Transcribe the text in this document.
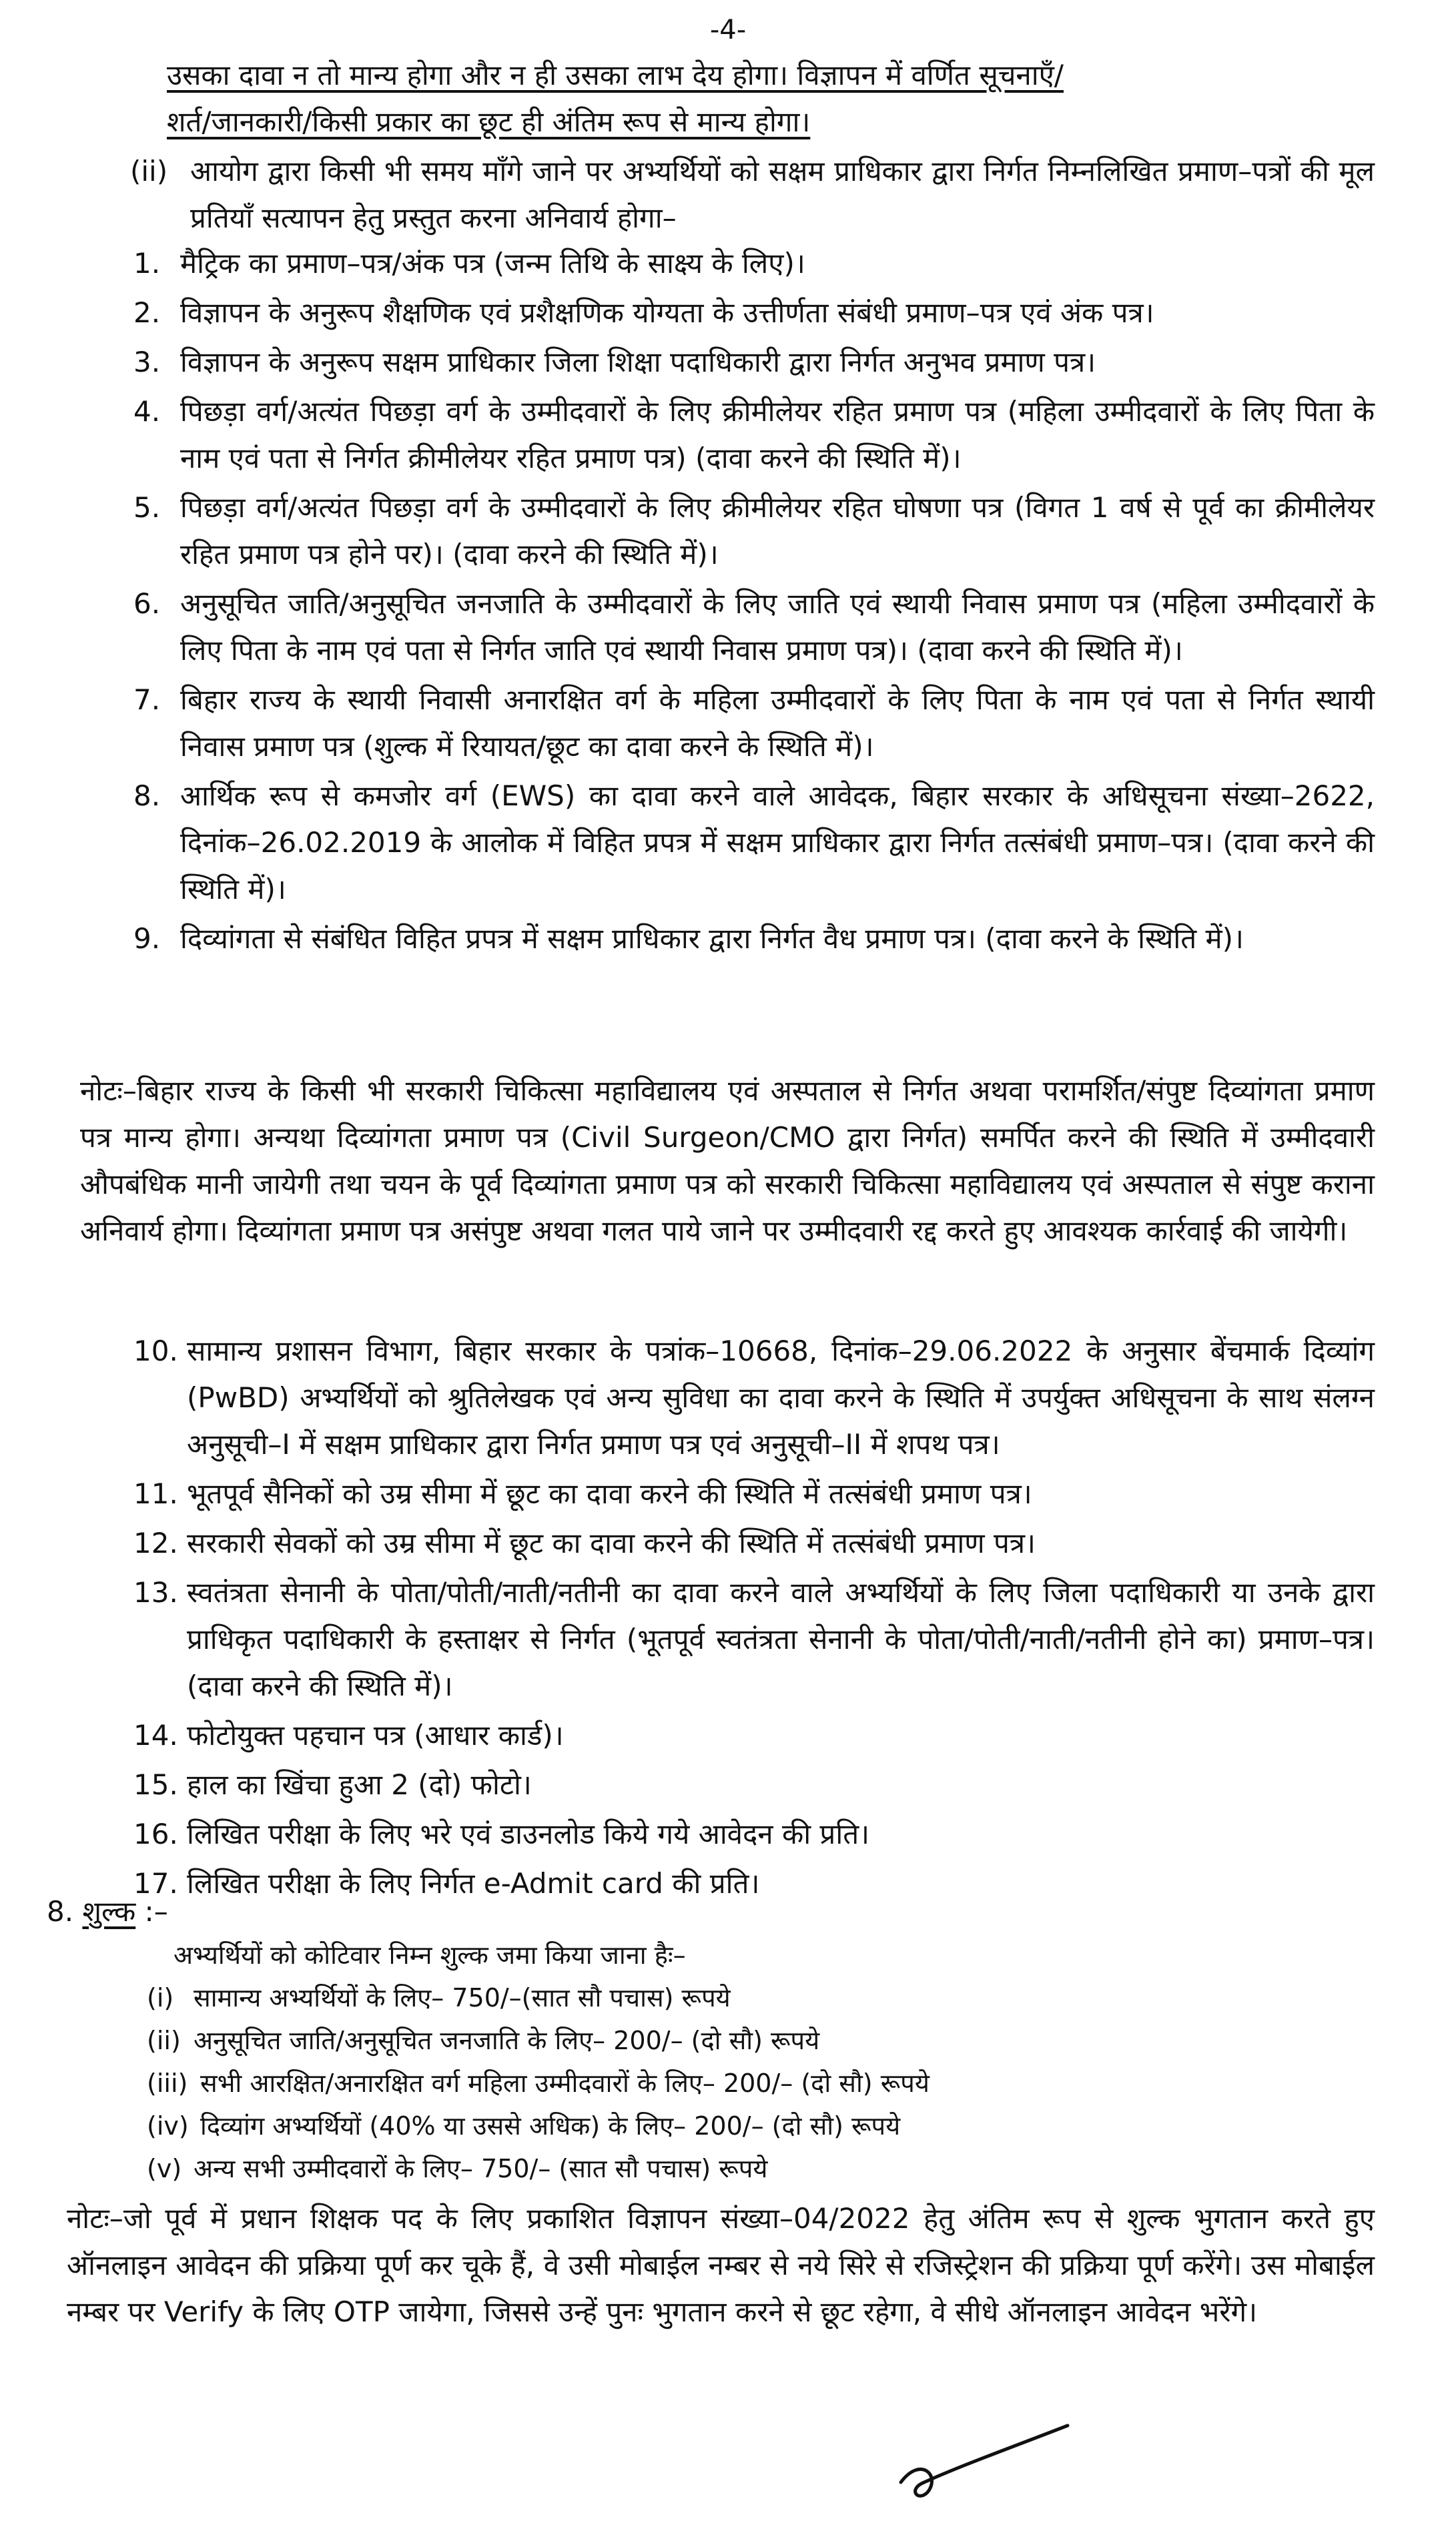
-4-

उसका दावा न तो मान्य होगा और न ही उसका लाभ देय होगा। विज्ञापन में वर्णित सूचनाएँ/

शर्त/जानकारी/किसी प्रकार का छूट ही अंतिम रूप से मान्य होगा।

(ii) आयोग द्वारा किसी भी समय माँगे जाने पर अभ्यर्थियों को सक्षम प्राधिकार द्वारा निर्गत निम्नलिखित प्रमाण–पत्रों की मूल प्रतियाँ सत्यापन हेतु प्रस्तुत करना अनिवार्य होगा–
1. मैट्रिक का प्रमाण–पत्र/अंक पत्र (जन्म तिथि के साक्ष्य के लिए)।
2. विज्ञापन के अनुरूप शैक्षणिक एवं प्रशैक्षणिक योग्यता के उत्तीर्णता संबंधी प्रमाण–पत्र एवं अंक पत्र।
3. विज्ञापन के अनुरूप सक्षम प्राधिकार जिला शिक्षा पदाधिकारी द्वारा निर्गत अनुभव प्रमाण पत्र।
4. पिछड़ा वर्ग/अत्यंत पिछड़ा वर्ग के उम्मीदवारों के लिए क्रीमीलेयर रहित प्रमाण पत्र (महिला उम्मीदवारों के लिए पिता के नाम एवं पता से निर्गत क्रीमीलेयर रहित प्रमाण पत्र) (दावा करने की स्थिति में)।
5. पिछड़ा वर्ग/अत्यंत पिछड़ा वर्ग के उम्मीदवारों के लिए क्रीमीलेयर रहित घोषणा पत्र (विगत 1 वर्ष से पूर्व का क्रीमीलेयर रहित प्रमाण पत्र होने पर)। (दावा करने की स्थिति में)।
6. अनुसूचित जाति/अनुसूचित जनजाति के उम्मीदवारों के लिए जाति एवं स्थायी निवास प्रमाण पत्र (महिला उम्मीदवारों के लिए पिता के नाम एवं पता से निर्गत जाति एवं स्थायी निवास प्रमाण पत्र)। (दावा करने की स्थिति में)।
7. बिहार राज्य के स्थायी निवासी अनारक्षित वर्ग के महिला उम्मीदवारों के लिए पिता के नाम एवं पता से निर्गत स्थायी निवास प्रमाण पत्र (शुल्क में रियायत/छूट का दावा करने के स्थिति में)।
8. आर्थिक रूप से कमजोर वर्ग (EWS) का दावा करने वाले आवेदक, बिहार सरकार के अधिसूचना संख्या–2622, दिनांक–26.02.2019 के आलोक में विहित प्रपत्र में सक्षम प्राधिकार द्वारा निर्गत तत्संबंधी प्रमाण–पत्र। (दावा करने की स्थिति में)।
9. दिव्यांगता से संबंधित विहित प्रपत्र में सक्षम प्राधिकार द्वारा निर्गत वैध प्रमाण पत्र। (दावा करने के स्थिति में)।

नोटः–बिहार राज्य के किसी भी सरकारी चिकित्सा महाविद्यालय एवं अस्पताल से निर्गत अथवा परामर्शित/संपुष्ट दिव्यांगता प्रमाण पत्र मान्य होगा। अन्यथा दिव्यांगता प्रमाण पत्र (Civil Surgeon/CMO द्वारा निर्गत) समर्पित करने की स्थिति में उम्मीदवारी औपबंधिक मानी जायेगी तथा चयन के पूर्व दिव्यांगता प्रमाण पत्र को सरकारी चिकित्सा महाविद्यालय एवं अस्पताल से संपुष्ट कराना अनिवार्य होगा। दिव्यांगता प्रमाण पत्र असंपुष्ट अथवा गलत पाये जाने पर उम्मीदवारी रद्द करते हुए आवश्यक कार्रवाई की जायेगी।

10. सामान्य प्रशासन विभाग, बिहार सरकार के पत्रांक–10668, दिनांक–29.06.2022 के अनुसार बेंचमार्क दिव्यांग (PwBD) अभ्यर्थियों को श्रुतिलेखक एवं अन्य सुविधा का दावा करने के स्थिति में उपर्युक्त अधिसूचना के साथ संलग्न अनुसूची–I में सक्षम प्राधिकार द्वारा निर्गत प्रमाण पत्र एवं अनुसूची–II में शपथ पत्र।
11. भूतपूर्व सैनिकों को उम्र सीमा में छूट का दावा करने की स्थिति में तत्संबंधी प्रमाण पत्र।
12. सरकारी सेवकों को उम्र सीमा में छूट का दावा करने की स्थिति में तत्संबंधी प्रमाण पत्र।
13. स्वतंत्रता सेनानी के पोता/पोती/नाती/नतीनी का दावा करने वाले अभ्यर्थियों के लिए जिला पदाधिकारी या उनके द्वारा प्राधिकृत पदाधिकारी के हस्ताक्षर से निर्गत (भूतपूर्व स्वतंत्रता सेनानी के पोता/पोती/नाती/नतीनी होने का) प्रमाण–पत्र। (दावा करने की स्थिति में)।
14. फोटोयुक्त पहचान पत्र (आधार कार्ड)।
15. हाल का खिंचा हुआ 2 (दो) फोटो।
16. लिखित परीक्षा के लिए भरे एवं डाउनलोड किये गये आवेदन की प्रति।
17. लिखित परीक्षा के लिए निर्गत e-Admit card की प्रति।
8. शुल्क :–
अभ्यर्थियों को कोटिवार निम्न शुल्क जमा किया जाना हैः–
(i) सामान्य अभ्यर्थियों के लिए– 750/–(सात सौ पचास) रूपये
(ii) अनुसूचित जाति/अनुसूचित जनजाति के लिए– 200/– (दो सौ) रूपये
(iii) सभी आरक्षित/अनारक्षित वर्ग महिला उम्मीदवारों के लिए– 200/– (दो सौ) रूपये
(iv) दिव्यांग अभ्यर्थियों (40% या उससे अधिक) के लिए– 200/– (दो सौ) रूपये
(v) अन्य सभी उम्मीदवारों के लिए– 750/– (सात सौ पचास) रूपये

नोटः–जो पूर्व में प्रधान शिक्षक पद के लिए प्रकाशित विज्ञापन संख्या–04/2022 हेतु अंतिम रूप से शुल्क भुगतान करते हुए ऑनलाइन आवेदन की प्रक्रिया पूर्ण कर चूके हैं, वे उसी मोबाईल नम्बर से नये सिरे से रजिस्ट्रेशन की प्रक्रिया पूर्ण करेंगे। उस मोबाईल नम्बर पर Verify के लिए OTP जायेगा, जिससे उन्हें पुनः भुगतान करने से छूट रहेगा, वे सीधे ऑनलाइन आवेदन भरेंगे।
